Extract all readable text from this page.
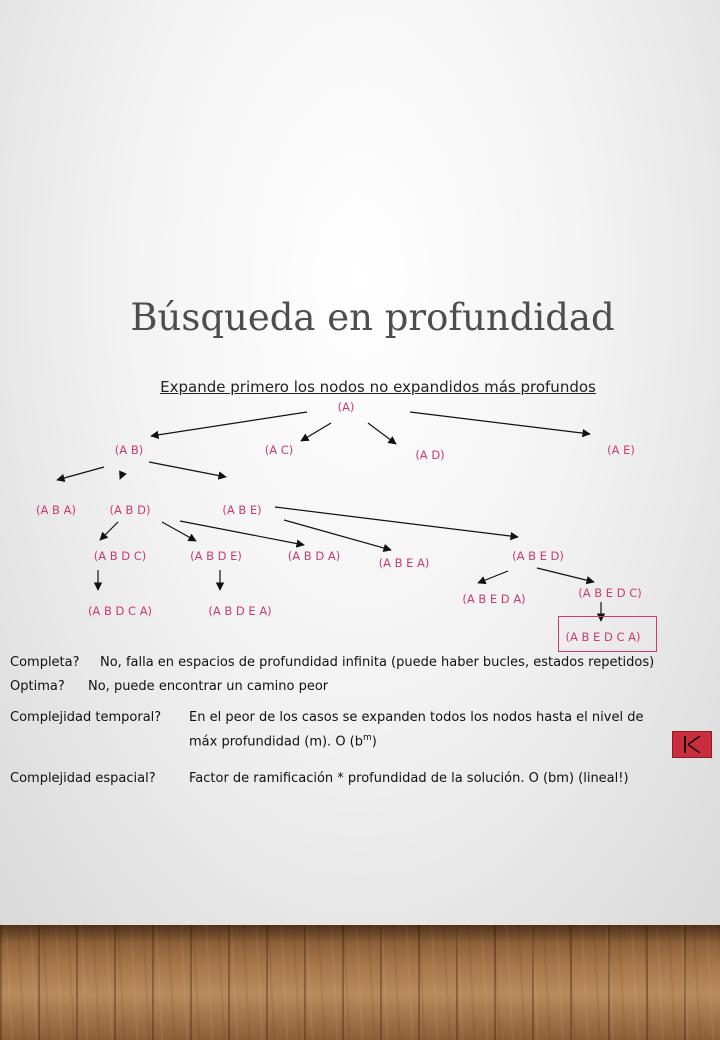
Búsqueda en profundidad
Expande primero los nodos no expandidos más profundos
(A)
(A B)	(A C)	(A D)	(A E)
(A B A)	(A B D)	(A B E)
(A B D C)	(A B D E)	(A B D A)	(A B E A)	(A B E D)
(A B D C A)	(A B D E A)
(A B E D A)	(A B E D C)
(A B E D C A)
Completa? No, falla en espacios de profundidad infinita (puede haber bucles, estados repetidos)
Optima? No, puede encontrar un camino peor
Complejidad temporal? En el peor de los casos se expanden todos los nodos hasta el nivel de
máx profundidad (m). O $(b^m)$
Complejidad espacial?	Factor de ramificación * profundidad de la solución. O (bm) (lineal!)
